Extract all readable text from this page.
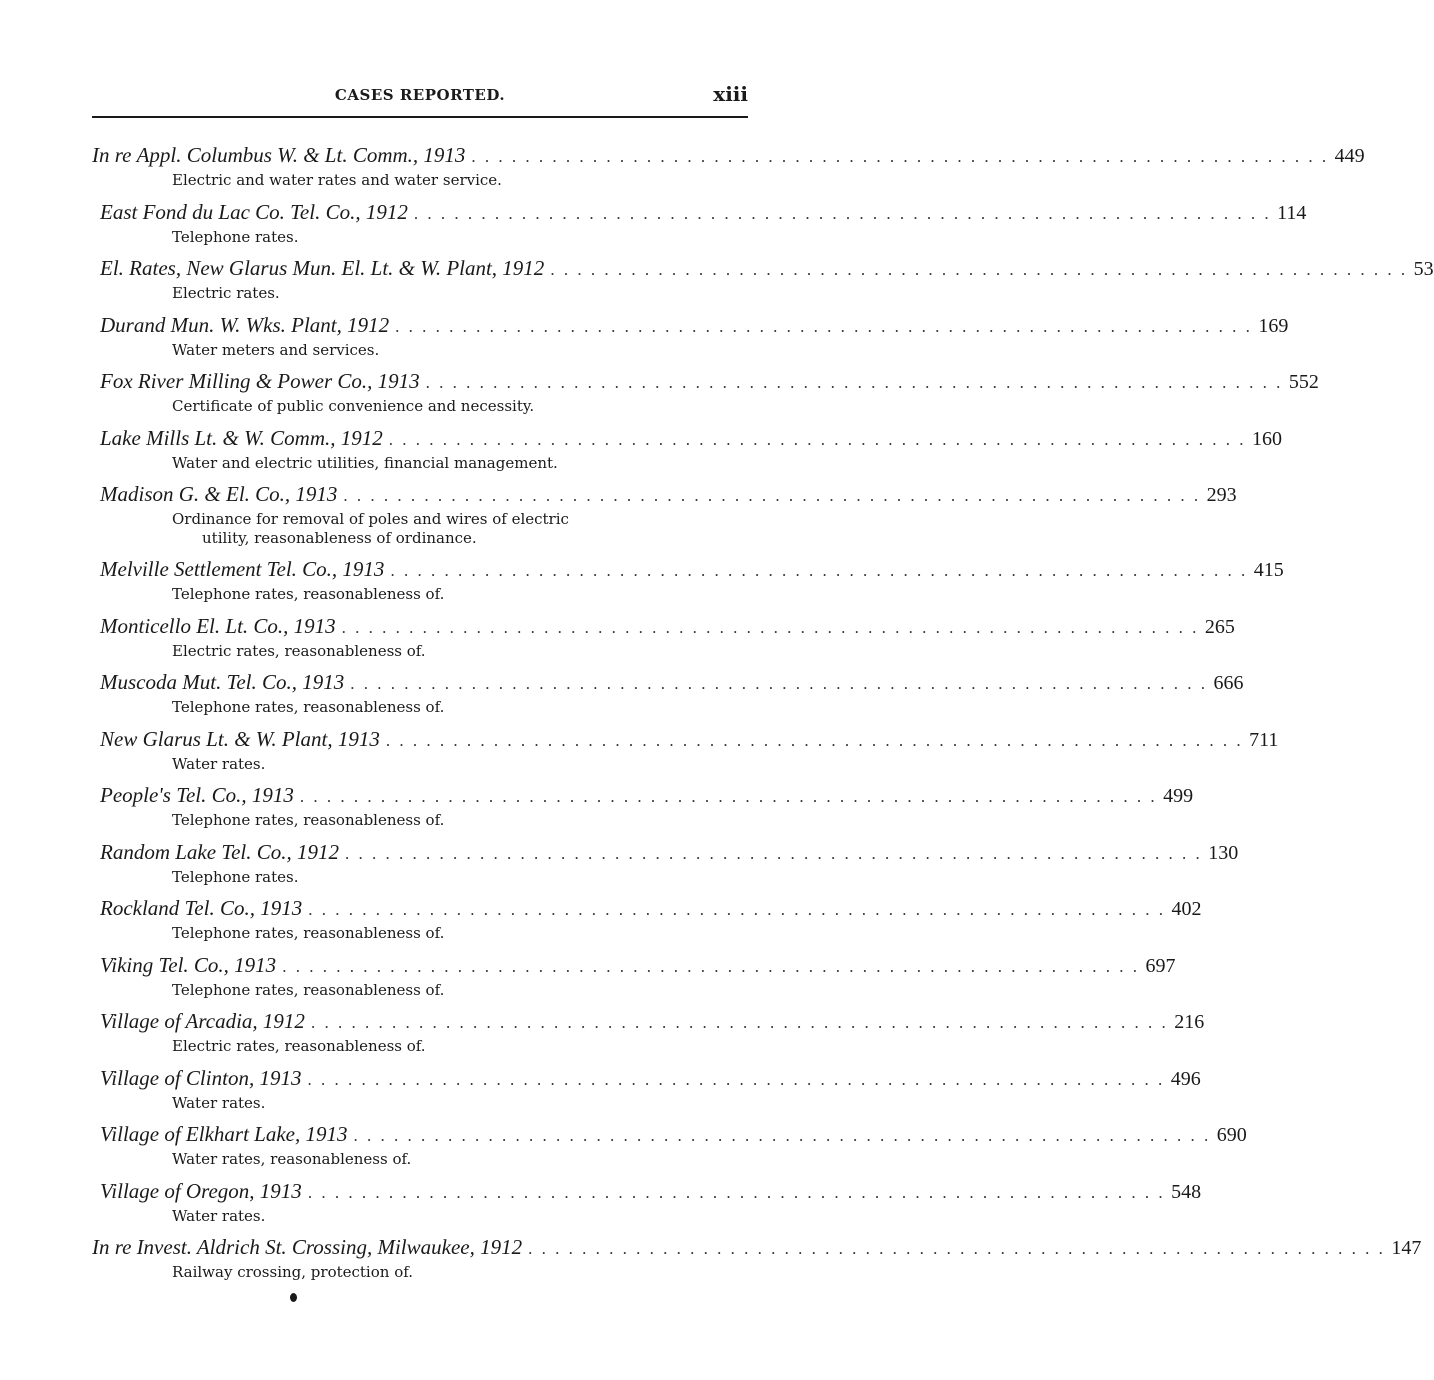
CASES REPORTED.	xiii
In re
Appl. Columbus W. & Lt. Comm., 1913 . . . . . . . . . . . . . . . . . . . . . . . . . . . . . . . . . . . . . . . . . . . . . . . . . . . . . . . . . . . . . . . . 449
Electric and water rates and water service.
East Fond du Lac Co. Tel. Co., 1912 . . . . . . . . . . . . . . . . . . . . . . . . . . . . . . . . . . . . . . . . . . . . . . . . . . . . . . . . . . . . . . . . 114
Telephone rates.
El. Rates, New Glarus Mun. El. Lt. & W. Plant, 1912 . . . . . . . . . . . . . . . . . . . . . . . . . . . . . . . . . . . . . . . . . . . . . . . . . . . . . . . . . . . . . . . . 53
Electric rates.
Durand Mun. W. Wks. Plant, 1912 . . . . . . . . . . . . . . . . . . . . . . . . . . . . . . . . . . . . . . . . . . . . . . . . . . . . . . . . . . . . . . . . 169
Water meters and services.
Fox River Milling & Power Co., 1913 . . . . . . . . . . . . . . . . . . . . . . . . . . . . . . . . . . . . . . . . . . . . . . . . . . . . . . . . . . . . . . . . 552
Certificate of public convenience and necessity.
Lake Mills Lt. & W. Comm., 1912 . . . . . . . . . . . . . . . . . . . . . . . . . . . . . . . . . . . . . . . . . . . . . . . . . . . . . . . . . . . . . . . . 160
Water and electric utilities, financial management.
Madison G. & El. Co., 1913 . . . . . . . . . . . . . . . . . . . . . . . . . . . . . . . . . . . . . . . . . . . . . . . . . . . . . . . . . . . . . . . . 293
Ordinance for removal of poles and wires of electric
utility, reasonableness of ordinance.
Melville Settlement Tel. Co., 1913 . . . . . . . . . . . . . . . . . . . . . . . . . . . . . . . . . . . . . . . . . . . . . . . . . . . . . . . . . . . . . . . . 415
Telephone rates, reasonableness of.
Monticello El. Lt. Co., 1913 . . . . . . . . . . . . . . . . . . . . . . . . . . . . . . . . . . . . . . . . . . . . . . . . . . . . . . . . . . . . . . . . 265
Electric rates, reasonableness of.
Muscoda Mut. Tel. Co., 1913 . . . . . . . . . . . . . . . . . . . . . . . . . . . . . . . . . . . . . . . . . . . . . . . . . . . . . . . . . . . . . . . . 666
Telephone rates, reasonableness of.
New Glarus Lt. & W. Plant, 1913 . . . . . . . . . . . . . . . . . . . . . . . . . . . . . . . . . . . . . . . . . . . . . . . . . . . . . . . . . . . . . . . . 711
Water rates.
People's Tel. Co., 1913 . . . . . . . . . . . . . . . . . . . . . . . . . . . . . . . . . . . . . . . . . . . . . . . . . . . . . . . . . . . . . . . . 499
Telephone rates, reasonableness of.
Random Lake Tel. Co., 1912 . . . . . . . . . . . . . . . . . . . . . . . . . . . . . . . . . . . . . . . . . . . . . . . . . . . . . . . . . . . . . . . . 130
Telephone rates.
Rockland Tel. Co., 1913 . . . . . . . . . . . . . . . . . . . . . . . . . . . . . . . . . . . . . . . . . . . . . . . . . . . . . . . . . . . . . . . . 402
Telephone rates, reasonableness of.
Viking Tel. Co., 1913 . . . . . . . . . . . . . . . . . . . . . . . . . . . . . . . . . . . . . . . . . . . . . . . . . . . . . . . . . . . . . . . . 697
Telephone rates, reasonableness of.
Village of Arcadia, 1912 . . . . . . . . . . . . . . . . . . . . . . . . . . . . . . . . . . . . . . . . . . . . . . . . . . . . . . . . . . . . . . . . 216
Electric rates, reasonableness of.
Village of Clinton, 1913 . . . . . . . . . . . . . . . . . . . . . . . . . . . . . . . . . . . . . . . . . . . . . . . . . . . . . . . . . . . . . . . . 496
Water rates.
Village of Elkhart Lake, 1913 . . . . . . . . . . . . . . . . . . . . . . . . . . . . . . . . . . . . . . . . . . . . . . . . . . . . . . . . . . . . . . . . 690
Water rates, reasonableness of.
Village of Oregon, 1913 . . . . . . . . . . . . . . . . . . . . . . . . . . . . . . . . . . . . . . . . . . . . . . . . . . . . . . . . . . . . . . . . 548
Water rates.
In re
Invest. Aldrich St. Crossing, Milwaukee, 1912 . . . . . . . . . . . . . . . . . . . . . . . . . . . . . . . . . . . . . . . . . . . . . . . . . . . . . . . . . . . . . . . . 147
Railway crossing, protection of.
